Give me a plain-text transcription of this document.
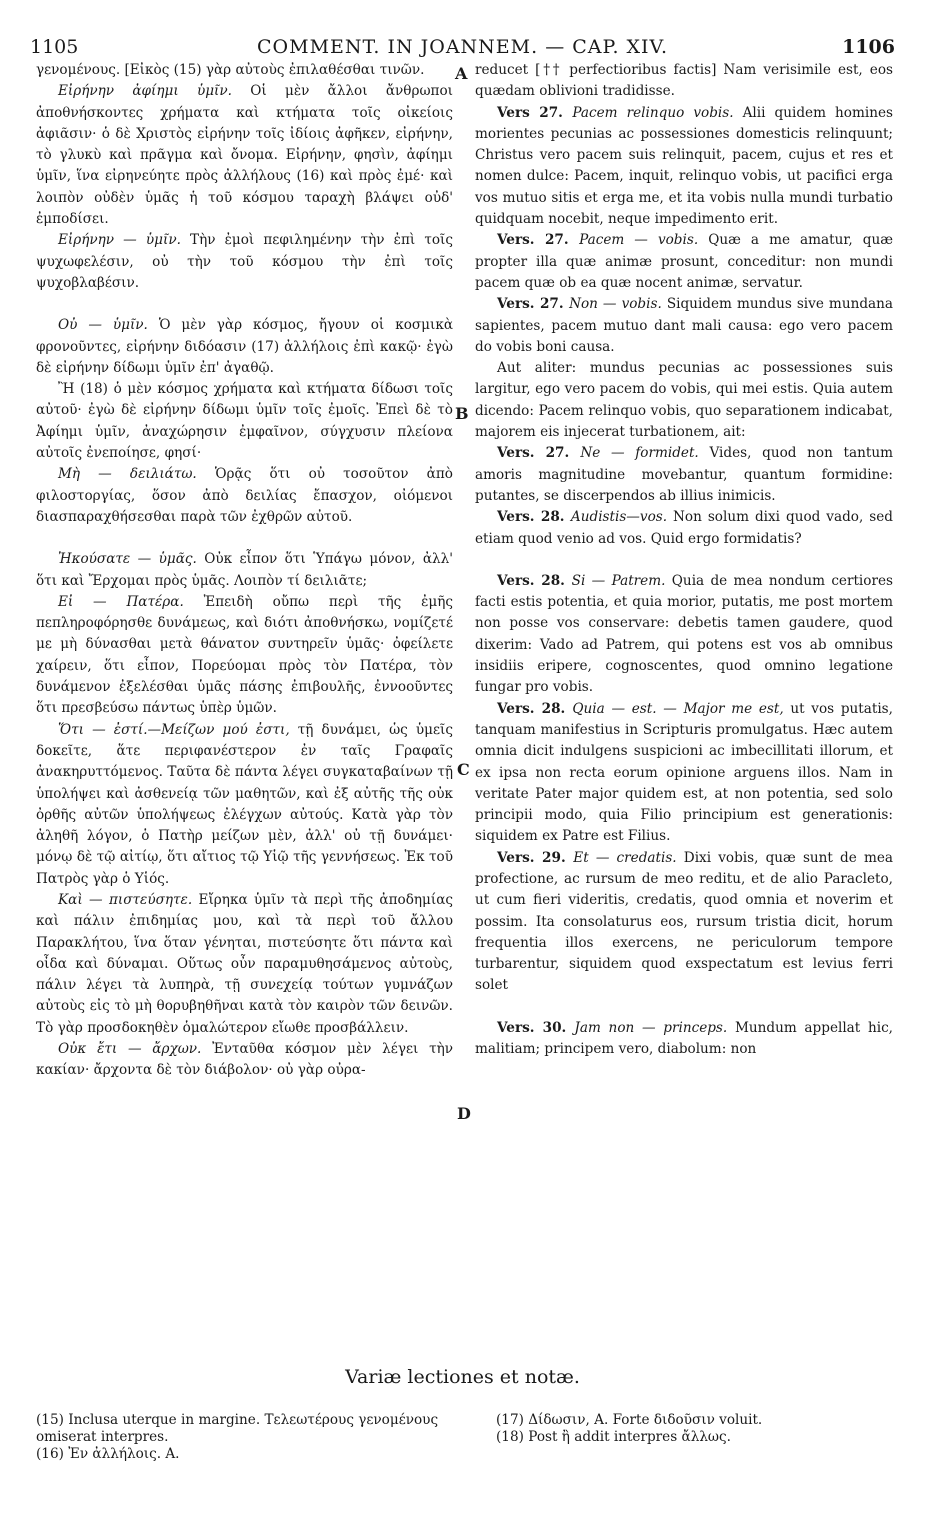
1105	COMMENT. IN JOANNEM. — CAP. XIV.	1106

γενομένους. [Εἰκὸς (15) γὰρ αὐτοὺς ἐπιλαθέσθαι τινῶν.

Εἰρήνην ἀφίημι ὑμῖν. Οἱ μὲν ἄλλοι ἄνθρωποι ἀποθνήσκοντες χρήματα καὶ κτήματα τοῖς οἰκείοις ἀφιᾶσιν· ὁ δὲ Χριστὸς εἰρήνην τοῖς ἰδίοις ἀφῆκεν, εἰρήνην, τὸ γλυκὺ καὶ πρᾶγμα καὶ ὄνομα. Εἰρήνην, φησὶν, ἀφίημι ὑμῖν, ἵνα εἰρηνεύητε πρὸς ἀλλήλους (16) καὶ πρὸς ἐμέ· καὶ λοιπὸν οὐδὲν ὑμᾶς ἡ τοῦ κόσμου ταραχὴ βλάψει οὐδ' ἐμποδίσει.

Εἰρήνην — ὑμῖν. Τὴν ἐμοὶ πεφιλημένην τὴν ἐπὶ τοῖς ψυχωφελέσιν, οὐ τὴν τοῦ κόσμου τὴν ἐπὶ τοῖς ψυχοβλαβέσιν.

Οὐ — ὑμῖν. Ὁ μὲν γὰρ κόσμος, ἤγουν οἱ κοσμικὰ φρονοῦντες, εἰρήνην διδόασιν (17) ἀλλήλοις ἐπὶ κακῷ· ἐγὼ δὲ εἰρήνην δίδωμι ὑμῖν ἐπ' ἀγαθῷ.

Ἢ (18) ὁ μὲν κόσμος χρήματα καὶ κτήματα δίδωσι τοῖς αὐτοῦ· ἐγὼ δὲ εἰρήνην δίδωμι ὑμῖν τοῖς ἐμοῖς. Ἐπεὶ δὲ τὸ Ἀφίημι ὑμῖν, ἀναχώρησιν ἐμφαῖνον, σύγχυσιν πλείονα αὐτοῖς ἐνεποίησε, φησί·

Μὴ — δειλιάτω. Ὁρᾷς ὅτι οὐ τοσοῦτον ἀπὸ φιλοστοργίας, ὅσον ἀπὸ δειλίας ἔπασχον, οἰόμενοι διασπαραχθήσεσθαι παρὰ τῶν ἐχθρῶν αὐτοῦ.

Ἠκούσατε — ὑμᾶς. Οὐκ εἶπον ὅτι Ὑπάγω μόνον, ἀλλ' ὅτι καὶ Ἔρχομαι πρὸς ὑμᾶς. Λοιπὸν τί δειλιᾶτε;

Εἰ — Πατέρα. Ἐπειδὴ οὔπω περὶ τῆς ἐμῆς πεπληροφόρησθε δυνάμεως, καὶ διότι ἀποθνήσκω, νομίζετέ με μὴ δύνασθαι μετὰ θάνατον συντηρεῖν ὑμᾶς· ὀφείλετε χαίρειν, ὅτι εἶπον, Πορεύομαι πρὸς τὸν Πατέρα, τὸν δυνάμενον ἐξελέσθαι ὑμᾶς πάσης ἐπιβουλῆς, ἐννοοῦντες ὅτι πρεσβεύσω πάντως ὑπὲρ ὑμῶν.

Ὅτι — ἐστί.—Μείζων μού ἐστι, τῇ δυνάμει, ὡς ὑμεῖς δοκεῖτε, ἅτε περιφανέστερον ἐν ταῖς Γραφαῖς ἀνακηρυττόμενος. Ταῦτα δὲ πάντα λέγει συγκαταβαίνων τῇ ὑπολήψει καὶ ἀσθενείᾳ τῶν μαθητῶν, καὶ ἐξ αὐτῆς τῆς οὐκ ὀρθῆς αὐτῶν ὑπολήψεως ἐλέγχων αὐτούς. Κατὰ γὰρ τὸν ἀληθῆ λόγον, ὁ Πατὴρ μείζων μὲν, ἀλλ' οὐ τῇ δυνάμει· μόνῳ δὲ τῷ αἰτίῳ, ὅτι αἴτιος τῷ Υἱῷ τῆς γεννήσεως. Ἐκ τοῦ Πατρὸς γὰρ ὁ Υἱός.

Καὶ — πιστεύσητε. Εἴρηκα ὑμῖν τὰ περὶ τῆς ἀποδημίας καὶ πάλιν ἐπιδημίας μου, καὶ τὰ περὶ τοῦ ἄλλου Παρακλήτου, ἵνα ὅταν γένηται, πιστεύσητε ὅτι πάντα καὶ οἶδα καὶ δύναμαι. Οὕτως οὖν παραμυθησάμενος αὐτοὺς, πάλιν λέγει τὰ λυπηρὰ, τῇ συνεχείᾳ τούτων γυμνάζων αὐτοὺς εἰς τὸ μὴ θορυβηθῆναι κατὰ τὸν καιρὸν τῶν δεινῶν. Τὸ γὰρ προσδοκηθὲν ὁμαλώτερον εἴωθε προσβάλλειν.

Οὐκ ἔτι — ἄρχων. Ἐνταῦθα κόσμον μὲν λέγει τὴν κακίαν· ἄρχοντα δὲ τὸν διάβολον· οὐ γὰρ οὐρα-

reducet [†† perfectioribus factis] Nam verisimile est, eos quædam oblivioni tradidisse.

Vers 27. Pacem relinquo vobis. Alii quidem homines morientes pecunias ac possessiones domesticis relinquunt; Christus vero pacem suis relinquit, pacem, cujus et res et nomen dulce: Pacem, inquit, relinquo vobis, ut pacifici erga vos mutuo sitis et erga me, et ita vobis nulla mundi turbatio quidquam nocebit, neque impedimento erit.

Vers. 27. Pacem — vobis. Quæ a me amatur, quæ propter illa quæ animæ prosunt, conceditur: non mundi pacem quæ ob ea quæ nocent animæ, servatur.

Vers. 27. Non — vobis. Siquidem mundus sive mundana sapientes, pacem mutuo dant mali causa: ego vero pacem do vobis boni causa.

Aut aliter: mundus pecunias ac possessiones suis largitur, ego vero pacem do vobis, qui mei estis. Quia autem dicendo: Pacem relinquo vobis, quo separationem indicabat, majorem eis injecerat turbationem, ait:

Vers. 27. Ne — formidet. Vides, quod non tantum amoris magnitudine movebantur, quantum formidine: putantes, se discerpendos ab illius inimicis.

Vers. 28. Audistis—vos. Non solum dixi quod vado, sed etiam quod venio ad vos. Quid ergo formidatis?

Vers. 28. Si — Patrem. Quia de mea nondum certiores facti estis potentia, et quia morior, putatis, me post mortem non posse vos conservare: debetis tamen gaudere, quod dixerim: Vado ad Patrem, qui potens est vos ab omnibus insidiis eripere, cognoscentes, quod omnino legatione fungar pro vobis.

Vers. 28. Quia — est. — Major me est, ut vos putatis, tanquam manifestius in Scripturis promulgatus. Hæc autem omnia dicit indulgens suspicioni ac imbecillitati illorum, et ex ipsa non recta eorum opinione arguens illos. Nam in veritate Pater major quidem est, at non potentia, sed solo principii modo, quia Filio principium est generationis: siquidem ex Patre est Filius.

Vers. 29. Et — credatis. Dixi vobis, quæ sunt de mea profectione, ac rursum de meo reditu, et de alio Paracleto, ut cum fieri videritis, credatis, quod omnia et noverim et possim. Ita consolaturus eos, rursum tristia dicit, horum frequentia illos exercens, ne periculorum tempore turbarentur, siquidem quod exspectatum est levius ferri solet

Vers. 30. Jam non — princeps. Mundum appellat hic, malitiam; principem vero, diabolum: non

A
B
C
D
Variæ lectiones et notæ.

(15) Inclusa uterque in margine. Τελεωτέρους γενομένους omiserat interpres.

(16) Ἐν ἀλλήλοις. A.

(17) Δίδωσιν, A. Forte διδοῦσιν voluit.

(18) Post ἢ addit interpres ἄλλως.
